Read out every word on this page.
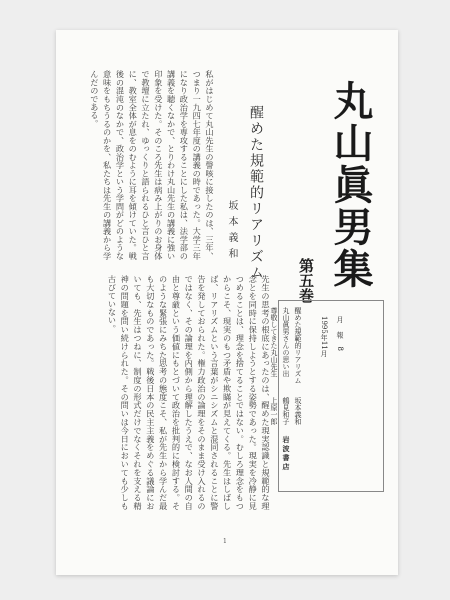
丸山眞男集
第五巻
月 報 8
1995年11月
醒めた規範的リアリズム
坂本義和
丸山眞男さんの思い出
鶴見和子
尊敬してきた丸山先生
上原一郎
岩波書店
醒めた規範的リアリズム
坂本義和
私がはじめて丸山先生の謦咳に接したのは、三年、つまり一九四七年度の講義の時であった。大学三年になり政治学を専攻することにした私は、法学部の講義を聴くなかで、とりわけ丸山先生の講義に強い印象を受けた。そのころ先生は病み上がりのお身体で教壇に立たれ、ゆっくりと語られるひと言ひと言に、教室全体が息をのむように耳を傾けていた。戦後の混沌のなかで、政治学という学問がどのような意味をもちうるのかを、私たちは先生の講義から学んだのである。
先生の思考の根底にあったのは、醒めた現実認識と規範的な理念とを同時に保持しようとする姿勢であった。現実を冷静に見つめることは、理念を捨てることではない。むしろ理念をもつからこそ、現実のもつ矛盾や欺瞞が見えてくる。先生はしばしば、リアリズムという言葉がシニシズムと混同されることに警告を発しておられた。権力政治の論理をそのまま受け入れるのではなく、その論理を内側から理解したうえで、なお人間の自由と尊厳という価値にもとづいて政治を批判的に検討する。そのような緊張にみちた思考の態度こそ、私が先生から学んだ最も大切なものであった。戦後日本の民主主義をめぐる議論においても、先生はつねに、制度の形式だけでなくそれを支える精神の問題を問い続けられた。その問いは今日においても少しも古びていない。
1
